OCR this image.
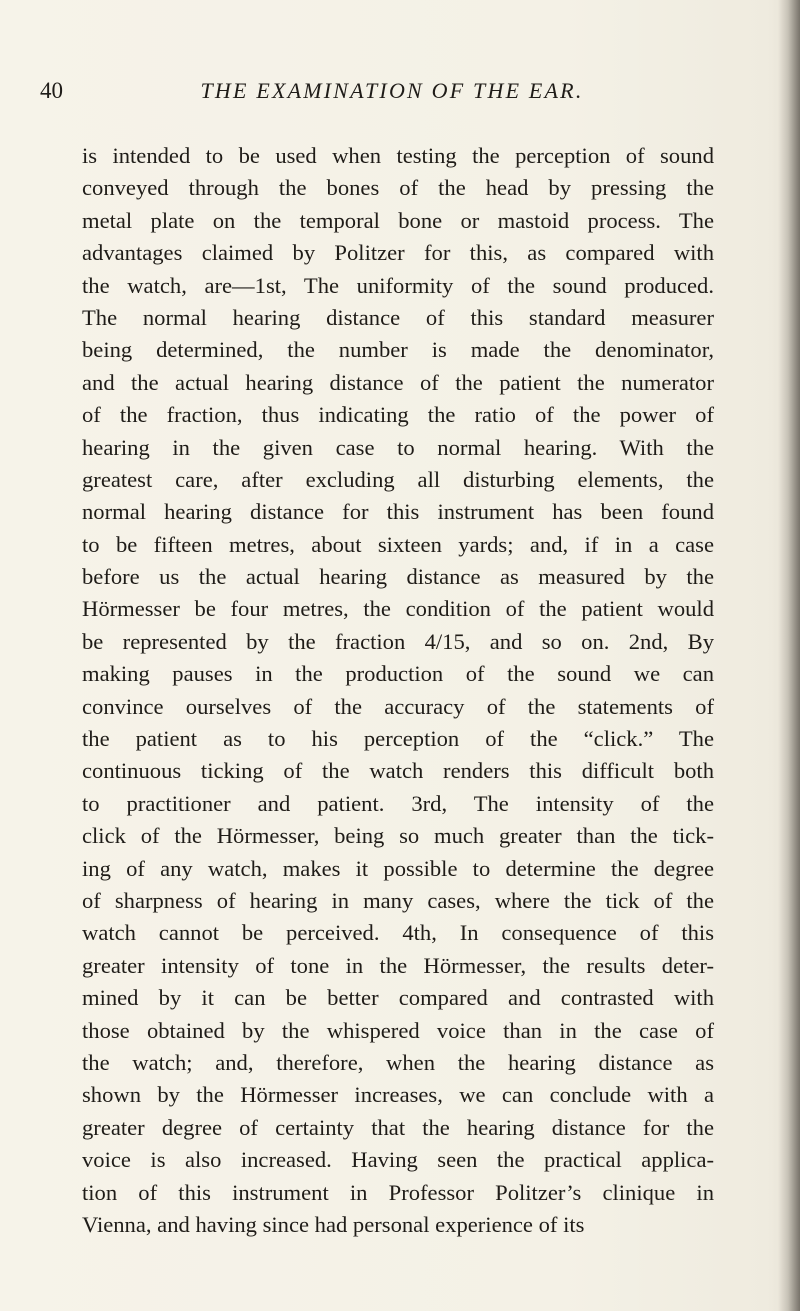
40	THE EXAMINATION OF THE EAR.
is intended to be used when testing the perception of sound
conveyed through the bones of the head by pressing the
metal plate on the temporal bone or mastoid process. The
advantages claimed by Politzer for this, as compared with
the watch, are—1st, The uniformity of the sound produced.
The normal hearing distance of this standard measurer
being determined, the number is made the denominator,
and the actual hearing distance of the patient the numerator
of the fraction, thus indicating the ratio of the power of
hearing in the given case to normal hearing. With the
greatest care, after excluding all disturbing elements, the
normal hearing distance for this instrument has been found
to be fifteen metres, about sixteen yards; and, if in a case
before us the actual hearing distance as measured by the
Hörmesser be four metres, the condition of the patient would
be represented by the fraction 4/15, and so on. 2nd, By
making pauses in the production of the sound we can
convince ourselves of the accuracy of the statements of
the patient as to his perception of the “click.” The
continuous ticking of the watch renders this difficult both
to practitioner and patient. 3rd, The intensity of the
click of the Hörmesser, being so much greater than the tick-
ing of any watch, makes it possible to determine the degree
of sharpness of hearing in many cases, where the tick of the
watch cannot be perceived. 4th, In consequence of this
greater intensity of tone in the Hörmesser, the results deter-
mined by it can be better compared and contrasted with
those obtained by the whispered voice than in the case of
the watch; and, therefore, when the hearing distance as
shown by the Hörmesser increases, we can conclude with a
greater degree of certainty that the hearing distance for the
voice is also increased. Having seen the practical applica-
tion of this instrument in Professor Politzer’s clinique in
Vienna, and having since had personal experience of its
